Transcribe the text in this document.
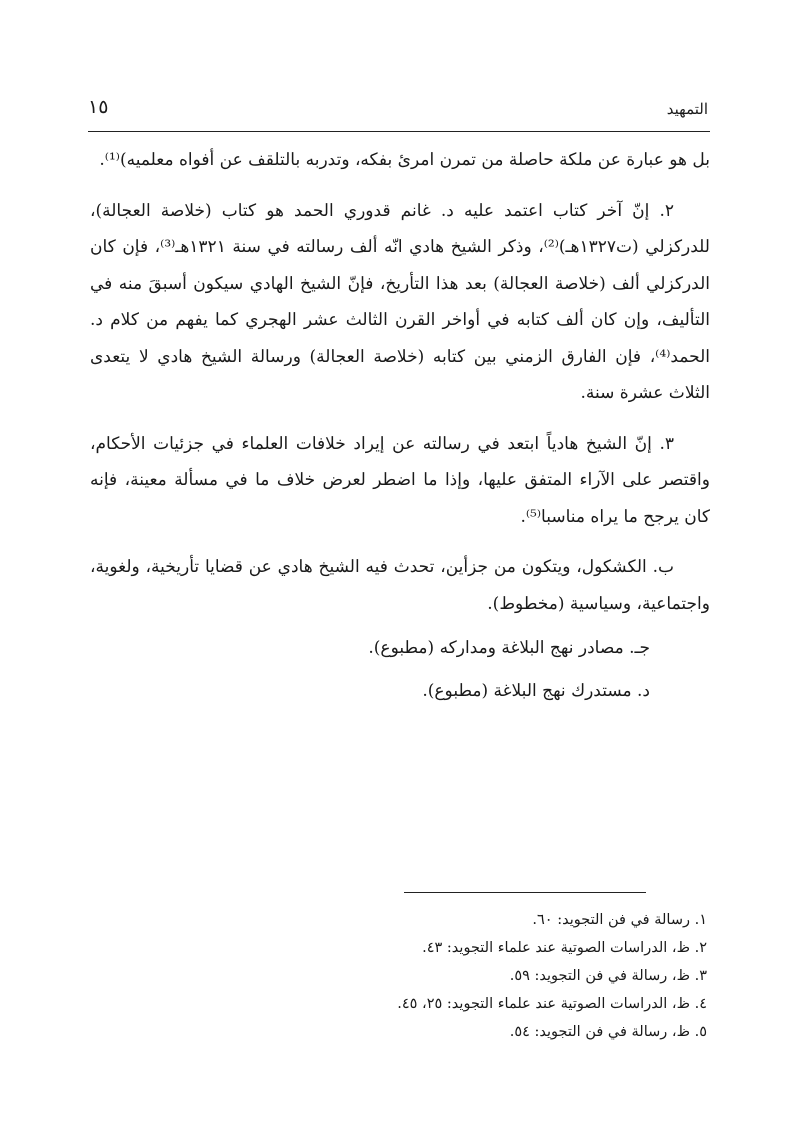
التمهيد
١٥

بل هو عبارة عن ملكة حاصلة من تمرن امرئ بفكه، وتدربه بالتلقف عن أفواه معلميه)⁽¹⁾.

٢. إنّ آخر كتاب اعتمد عليه د. غانم قدوري الحمد هو كتاب (خلاصة العجالة)، للدركزلي (ت١٣٢٧هـ)⁽²⁾، وذكر الشيخ هادي انّه ألف رسالته في سنة ١٣٢١هـ⁽³⁾، فإن كان الدركزلي ألف (خلاصة العجالة) بعد هذا التأريخ، فإنّ الشيخ الهادي سيكون أسبقَ منه في التأليف، وإن كان ألف كتابه في أواخر القرن الثالث عشر الهجري كما يفهم من كلام د. الحمد⁽⁴⁾، فإن الفارق الزمني بين كتابه (خلاصة العجالة) ورسالة الشيخ هادي لا يتعدى الثلاث عشرة سنة.

٣. إنّ الشيخ هادياً ابتعد في رسالته عن إيراد خلافات العلماء في جزئيات الأحكام، واقتصر على الآراء المتفق عليها، وإذا ما اضطر لعرض خلاف ما في مسألة معينة، فإنه كان يرجح ما يراه مناسبا⁽⁵⁾.

ب. الكشكول، ويتكون من جزأين، تحدث فيه الشيخ هادي عن قضايا تأريخية، ولغوية، واجتماعية، وسياسية (مخطوط).

جـ. مصادر نهج البلاغة ومداركه (مطبوع).

د. مستدرك نهج البلاغة (مطبوع).

١. رسالة في فن التجويد: ٦٠.

٢. ظ، الدراسات الصوتية عند علماء التجويد: ٤٣.

٣. ظ، رسالة في فن التجويد: ٥٩.

٤. ظ، الدراسات الصوتية عند علماء التجويد: ٢٥، ٤٥.

٥. ظ، رسالة في فن التجويد: ٥٤.
